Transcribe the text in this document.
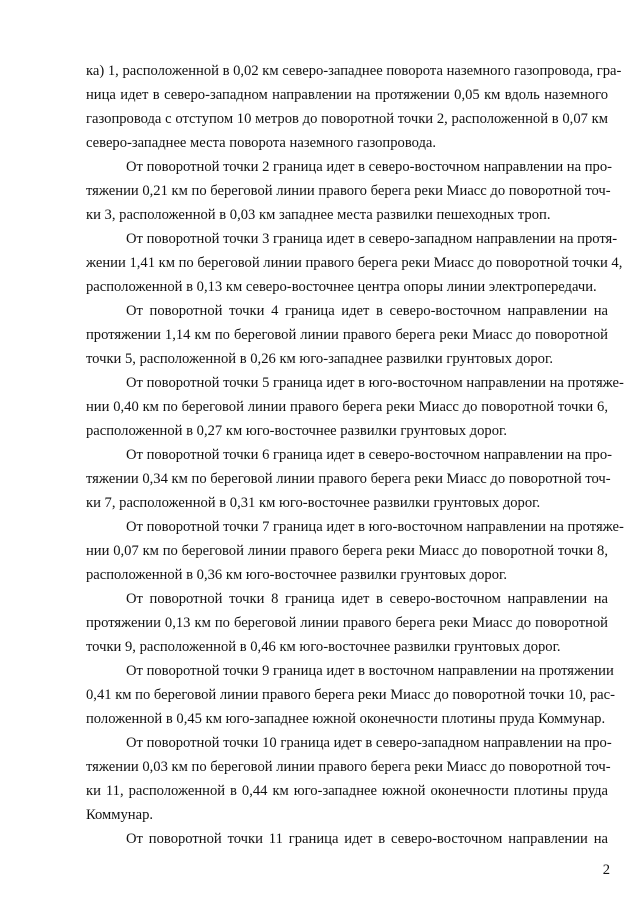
ка) 1, расположенной в 0,02 км северо-западнее поворота наземного газопровода, гра-
ница идет в северо-западном направлении на протяжении 0,05 км вдоль наземного
газопровода с отступом 10 метров до поворотной точки 2, расположенной в 0,07 км
северо-западнее места поворота наземного газопровода.
От поворотной точки 2 граница идет в северо-восточном направлении на про-
тяжении 0,21 км по береговой линии правого берега реки Миасс до поворотной точ-
ки 3, расположенной в 0,03 км западнее места развилки пешеходных троп.
От поворотной точки 3 граница идет в северо-западном направлении на протя-
жении 1,41 км по береговой линии правого берега реки Миасс до поворотной точки 4,
расположенной в 0,13 км северо-восточнее центра опоры линии электропередачи.
От поворотной точки 4 граница идет в северо-восточном направлении на
протяжении 1,14 км по береговой линии правого берега реки Миасс до поворотной
точки 5, расположенной в 0,26 км юго-западнее развилки грунтовых дорог.
От поворотной точки 5 граница идет в юго-восточном направлении на протяже-
нии 0,40 км по береговой линии правого берега реки Миасс до поворотной точки 6,
расположенной в 0,27 км юго-восточнее развилки грунтовых дорог.
От поворотной точки 6 граница идет в северо-восточном направлении на про-
тяжении 0,34 км по береговой линии правого берега реки Миасс до поворотной точ-
ки 7, расположенной в 0,31 км юго-восточнее развилки грунтовых дорог.
От поворотной точки 7 граница идет в юго-восточном направлении на протяже-
нии 0,07 км по береговой линии правого берега реки Миасс до поворотной точки 8,
расположенной в 0,36 км юго-восточнее развилки грунтовых дорог.
От поворотной точки 8 граница идет в северо-восточном направлении на
протяжении 0,13 км по береговой линии правого берега реки Миасс до поворотной
точки 9, расположенной в 0,46 км юго-восточнее развилки грунтовых дорог.
От поворотной точки 9 граница идет в восточном направлении на протяжении
0,41 км по береговой линии правого берега реки Миасс до поворотной точки 10, рас-
положенной в 0,45 км юго-западнее южной оконечности плотины пруда Коммунар.
От поворотной точки 10 граница идет в северо-западном направлении на про-
тяжении 0,03 км по береговой линии правого берега реки Миасс до поворотной точ-
ки 11, расположенной в 0,44 км юго-западнее южной оконечности плотины пруда
Коммунар.
От поворотной точки 11 граница идет в северо-восточном направлении на
2
